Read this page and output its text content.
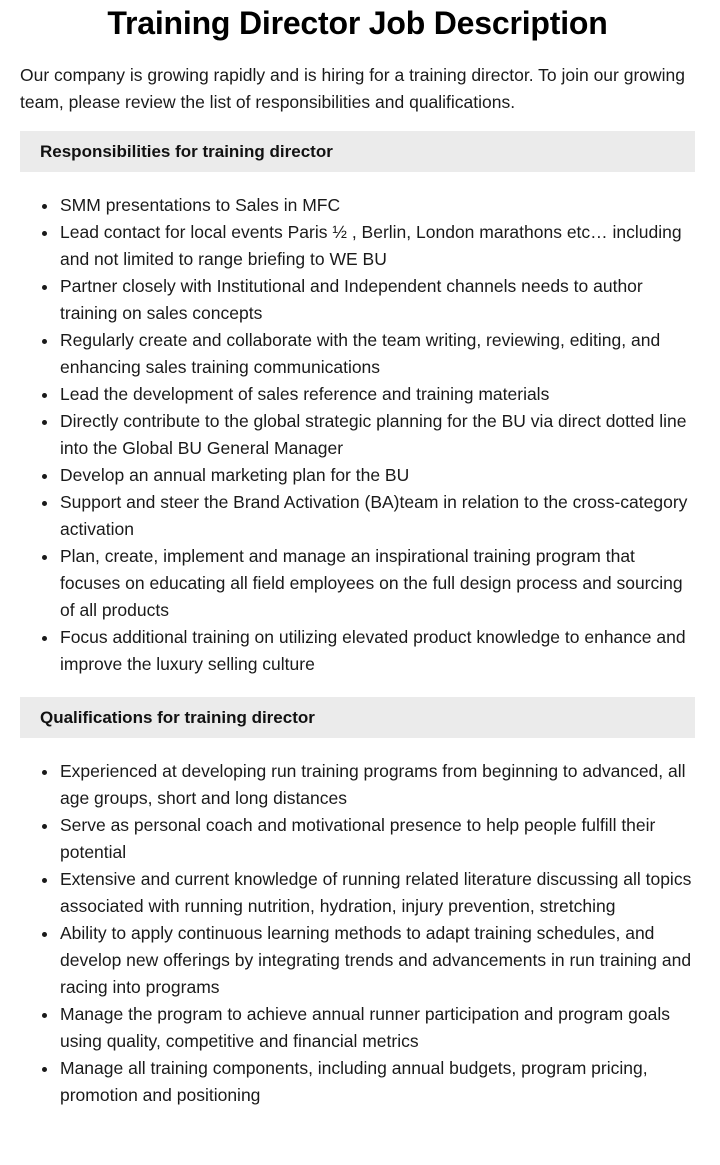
Training Director Job Description

Our company is growing rapidly and is hiring for a training director. To join our growing team, please review the list of responsibilities and qualifications.

Responsibilities for training director
SMM presentations to Sales in MFC
Lead contact for local events Paris ½ , Berlin, London marathons etc… including and not limited to range briefing to WE BU
Partner closely with Institutional and Independent channels needs to author training on sales concepts
Regularly create and collaborate with the team writing, reviewing, editing, and enhancing sales training communications
Lead the development of sales reference and training materials
Directly contribute to the global strategic planning for the BU via direct dotted line into the Global BU General Manager
Develop an annual marketing plan for the BU
Support and steer the Brand Activation (BA)team in relation to the cross-category activation
Plan, create, implement and manage an inspirational training program that focuses on educating all field employees on the full design process and sourcing of all products
Focus additional training on utilizing elevated product knowledge to enhance and improve the luxury selling culture
Qualifications for training director
Experienced at developing run training programs from beginning to advanced, all age groups, short and long distances
Serve as personal coach and motivational presence to help people fulfill their potential
Extensive and current knowledge of running related literature discussing all topics associated with running nutrition, hydration, injury prevention, stretching
Ability to apply continuous learning methods to adapt training schedules, and develop new offerings by integrating trends and advancements in run training and racing into programs
Manage the program to achieve annual runner participation and program goals using quality, competitive and financial metrics
Manage all training components, including annual budgets, program pricing, promotion and positioning
